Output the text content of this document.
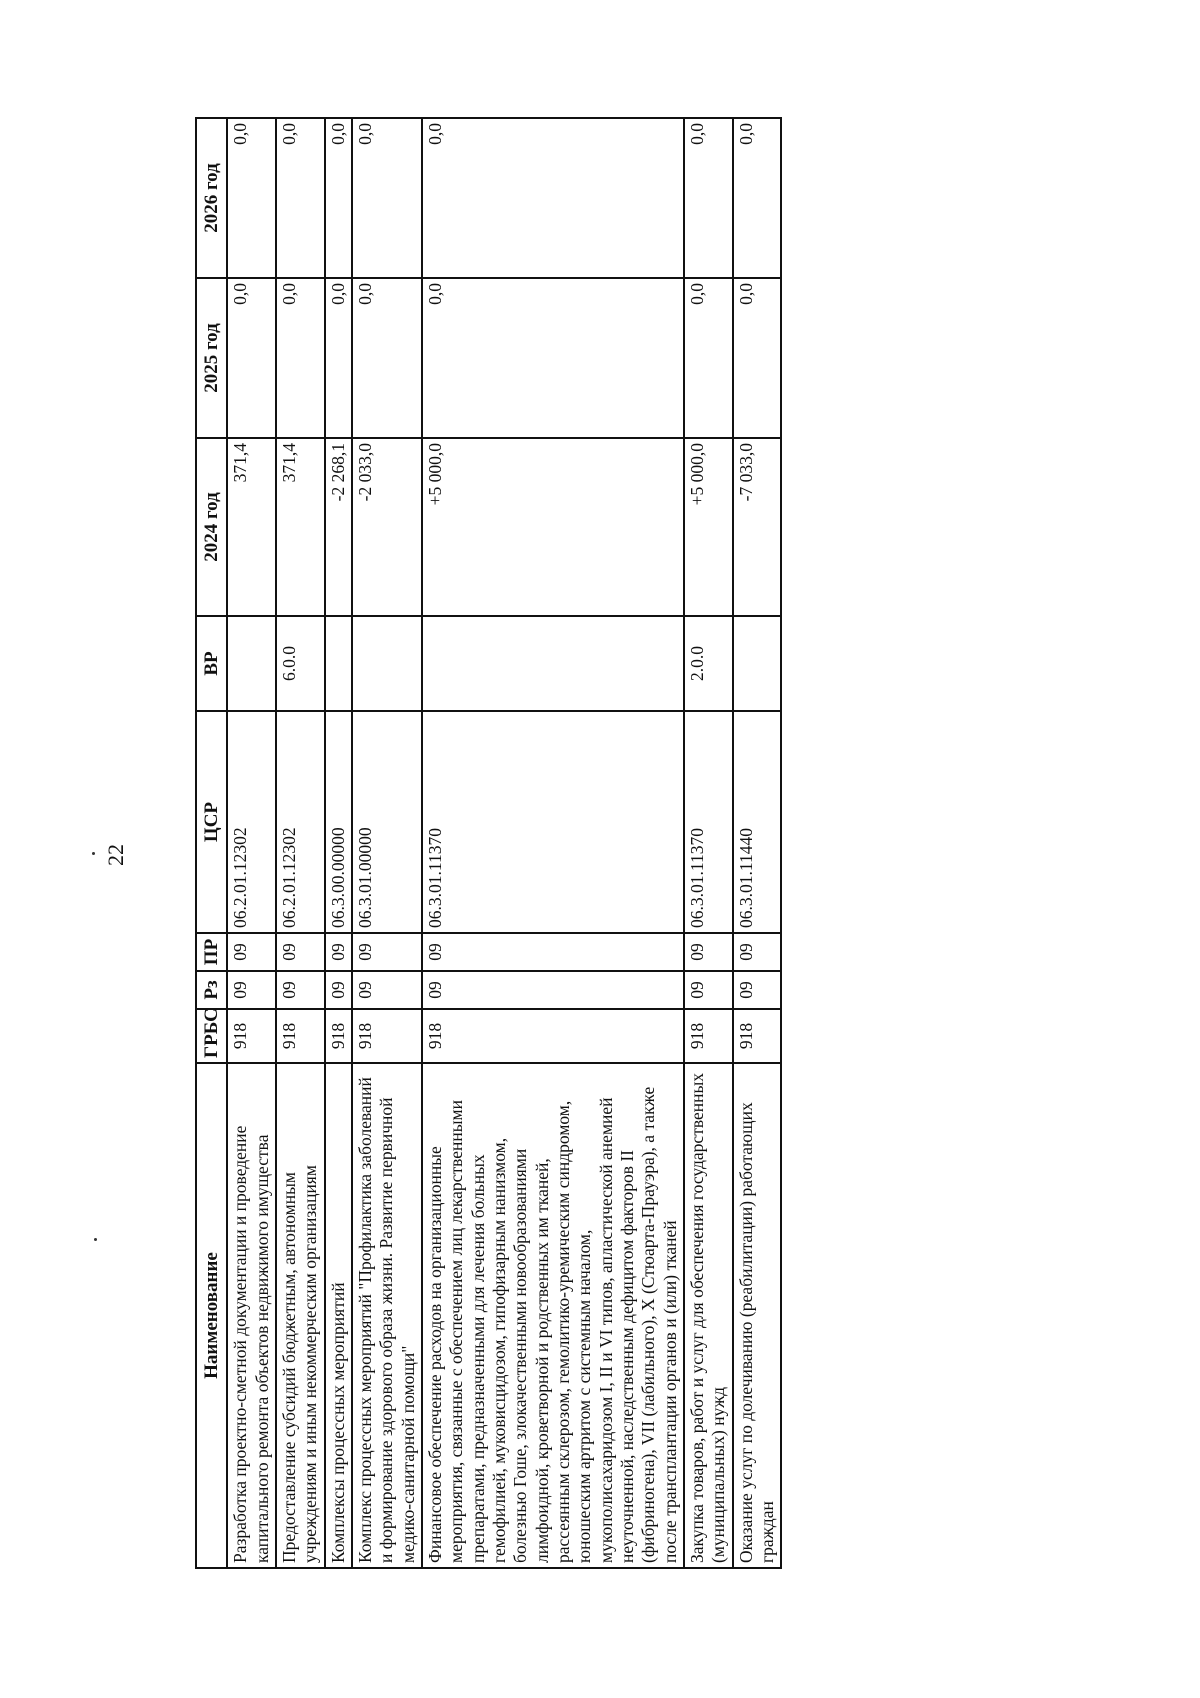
22
Наименование	ГРБС	Рз	ПР	ЦСР	ВР	2024 год	2025 год	2026 год
Разработка проектно-сметной документации и проведение капитального ремонта объектов недвижимого имущества	918	09	09	06.2.01.12302		371,4	0,0	0,0
Предоставление субсидий бюджетным, автономным учреждениям и иным некоммерческим организациям	918	09	09	06.2.01.12302	6.0.0	371,4	0,0	0,0
Комплексы процессных мероприятий	918	09	09	06.3.00.00000		-2 268,1	0,0	0,0
Комплекс процессных мероприятий "Профилактика заболеваний и формирование здорового образа жизни. Развитие первичной медико-санитарной помощи"	918	09	09	06.3.01.00000		-2 033,0	0,0	0,0
Финансовое обеспечение расходов на организационные мероприятия, связанные с обеспечением лиц лекарственными препаратами, предназначенными для лечения больных гемофилией, муковисцидозом, гипофизарным нанизмом, болезнью Гоше, злокачественными новообразованиями лимфоидной, кроветворной и родственных им тканей, рассеянным склерозом, гемолитико-уремическим синдромом, юношеским артритом с системным началом, мукополисахаридозом I, II и VI типов, апластической анемией неуточненной, наследственным дефицитом факторов II (фибриногена), VII (лабильного), X (Стюарта-Прауэра), а также после трансплантации органов и (или) тканей	918	09	09	06.3.01.11370		+5 000,0	0,0	0,0
Закупка товаров, работ и услуг для обеспечения государственных (муниципальных) нужд	918	09	09	06.3.01.11370	2.0.0	+5 000,0	0,0	0,0
Оказание услуг по долечиванию (реабилитации) работающих граждан	918	09	09	06.3.01.11440		-7 033,0	0,0	0,0
